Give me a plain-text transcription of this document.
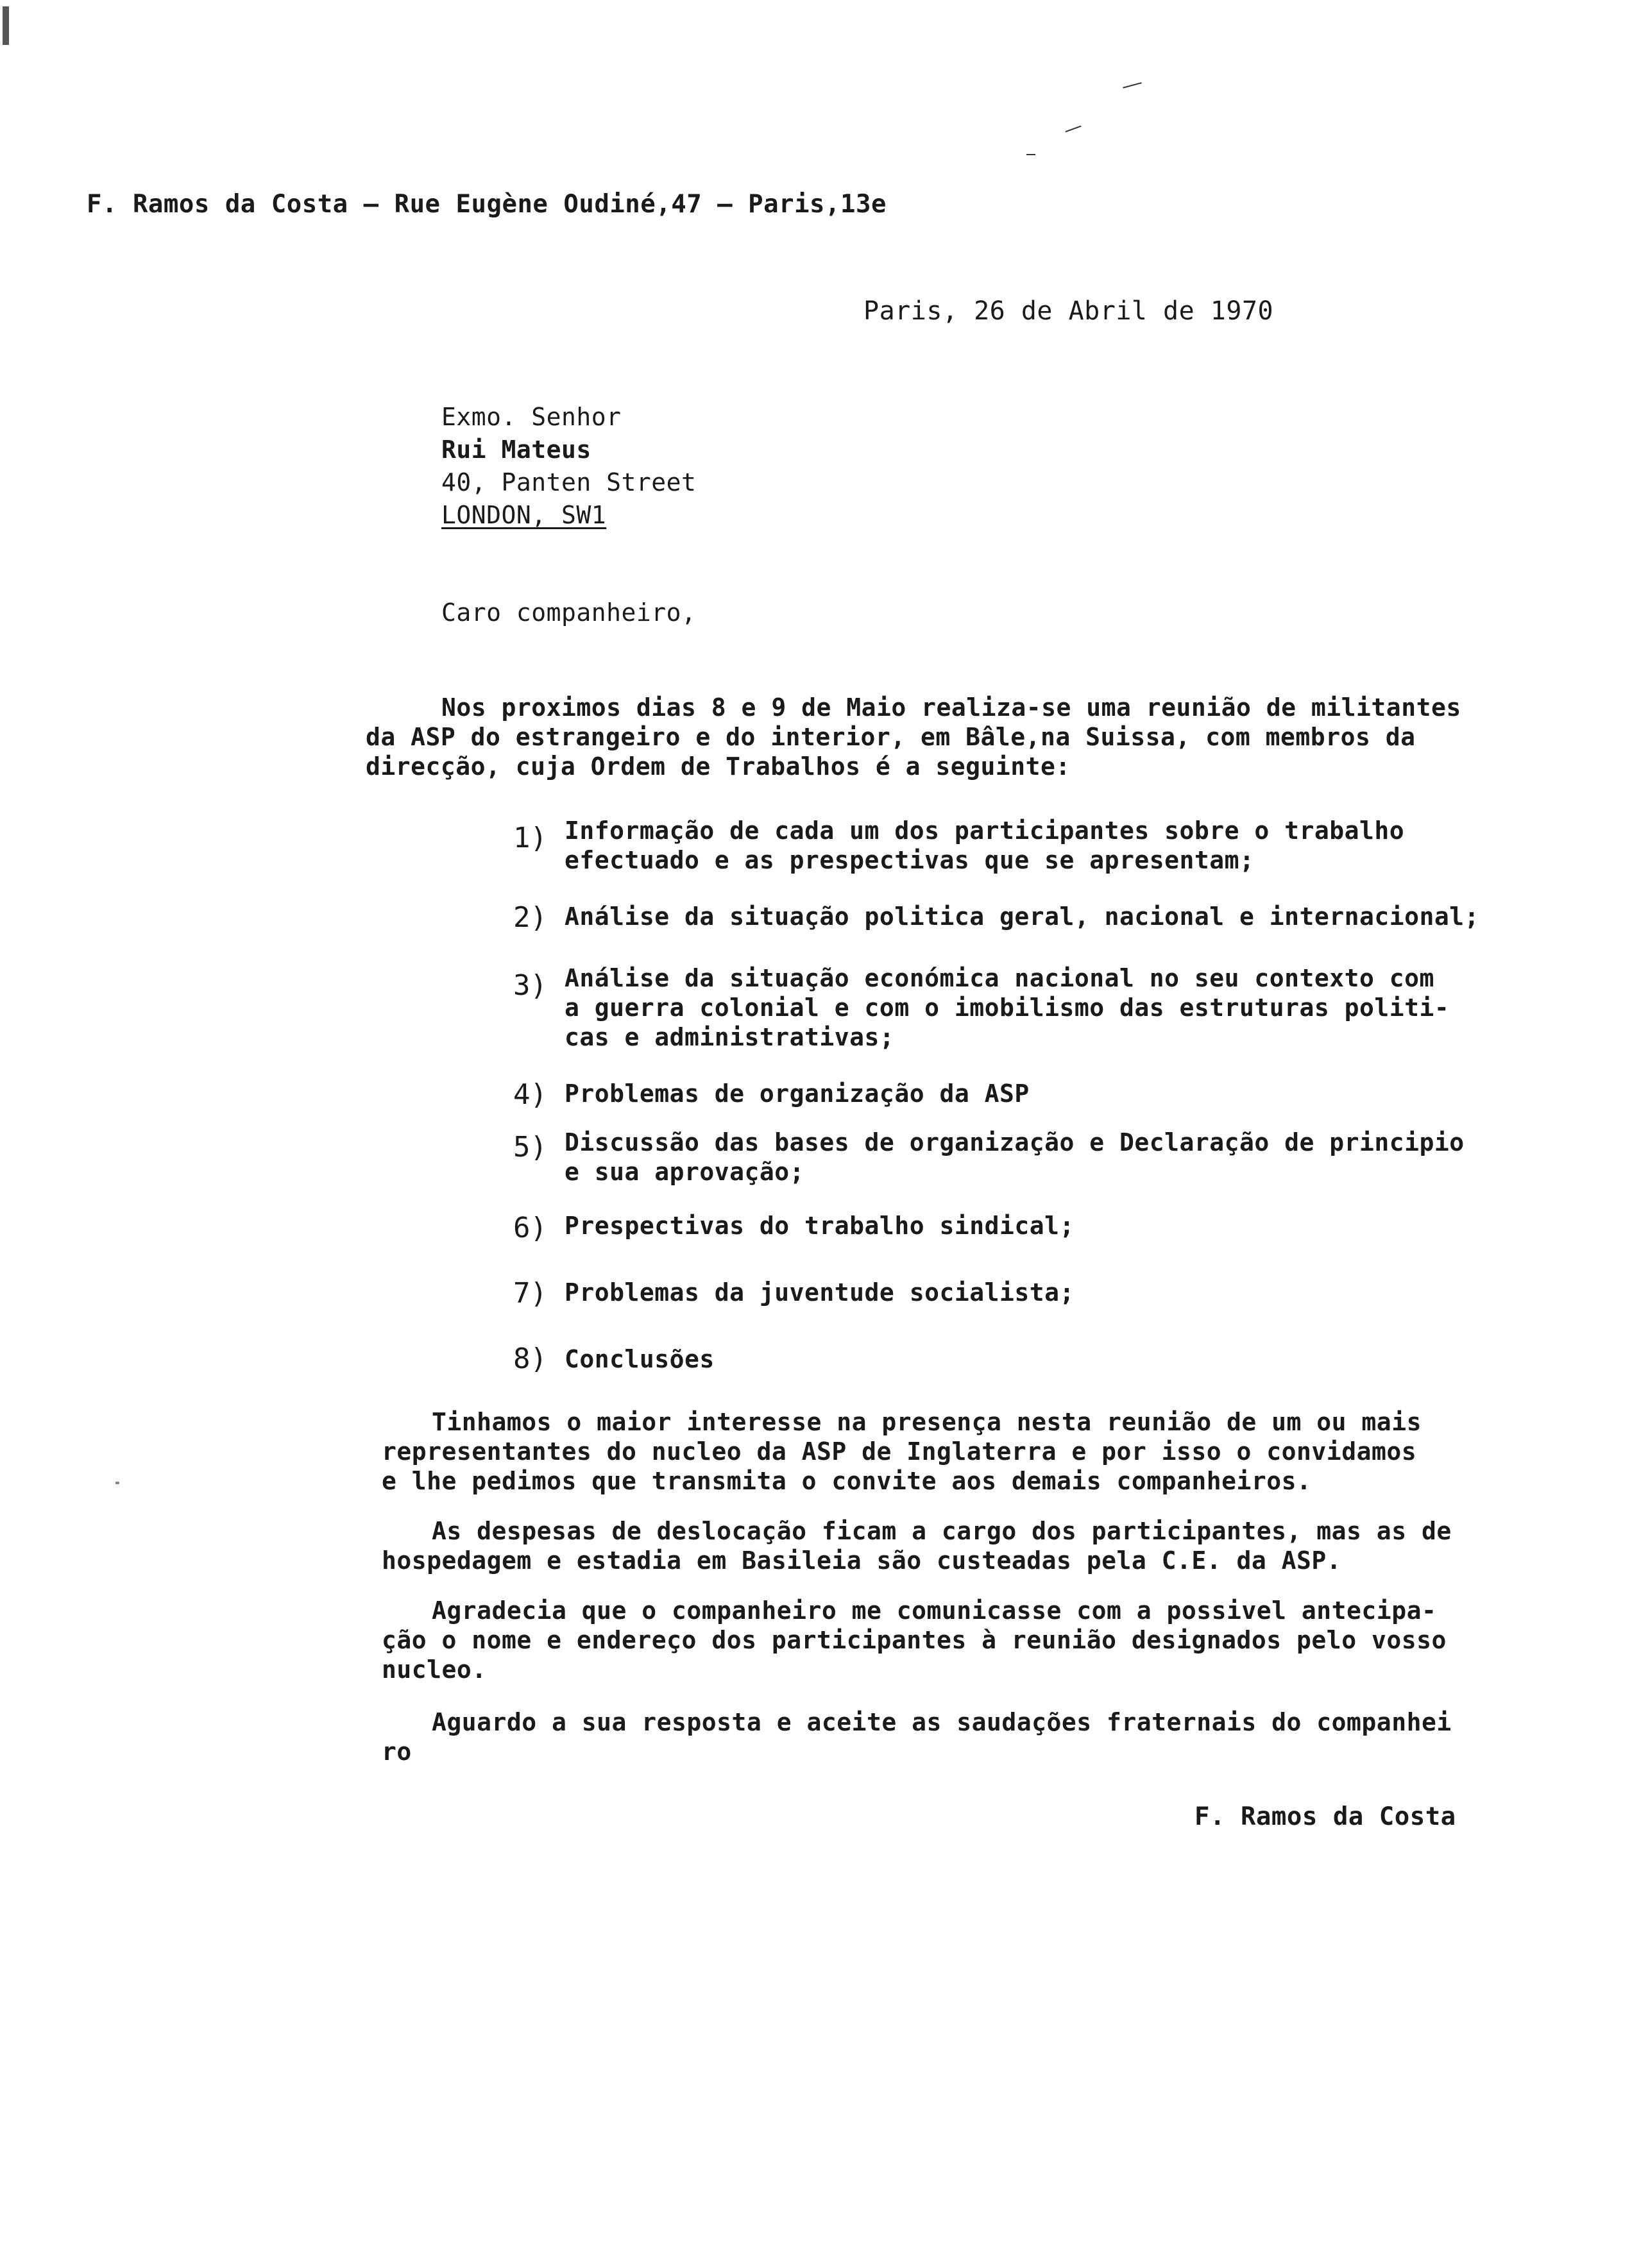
F. Ramos da Costa – Rue Eugène Oudiné,47 – Paris,13e
Paris, 26 de Abril de 1970
Exmo. Senhor
Rui Mateus
40, Panten Street
LONDON, SW1
Caro companheiro,
Nos proximos dias 8 e 9 de Maio realiza-se uma reunião de militantes
da ASP do estrangeiro e do interior, em Bâle,na Suissa, com membros da
direcção, cuja Ordem de Trabalhos é a seguinte:
1) Informação de cada um dos participantes sobre o trabalho
efectuado e as prespectivas que se apresentam;
2) Análise da situação politica geral, nacional e internacional;
3) Análise da situação económica nacional no seu contexto com
a guerra colonial e com o imobilismo das estruturas politi-
cas e administrativas;
4) Problemas de organização da ASP
5) Discussão das bases de organização e Declaração de principio
e sua aprovação;
6) Prespectivas do trabalho sindical;
7) Problemas da juventude socialista;
8) Conclusões
Tinhamos o maior interesse na presença nesta reunião de um ou mais
representantes do nucleo da ASP de Inglaterra e por isso o convidamos
e lhe pedimos que transmita o convite aos demais companheiros.
As despesas de deslocação ficam a cargo dos participantes, mas as de
hospedagem e estadia em Basileia são custeadas pela C.E. da ASP.
Agradecia que o companheiro me comunicasse com a possivel antecipa-
ção o nome e endereço dos participantes à reunião designados pelo vosso
nucleo.
Aguardo a sua resposta e aceite as saudações fraternais do companhei
ro
F. Ramos da Costa
